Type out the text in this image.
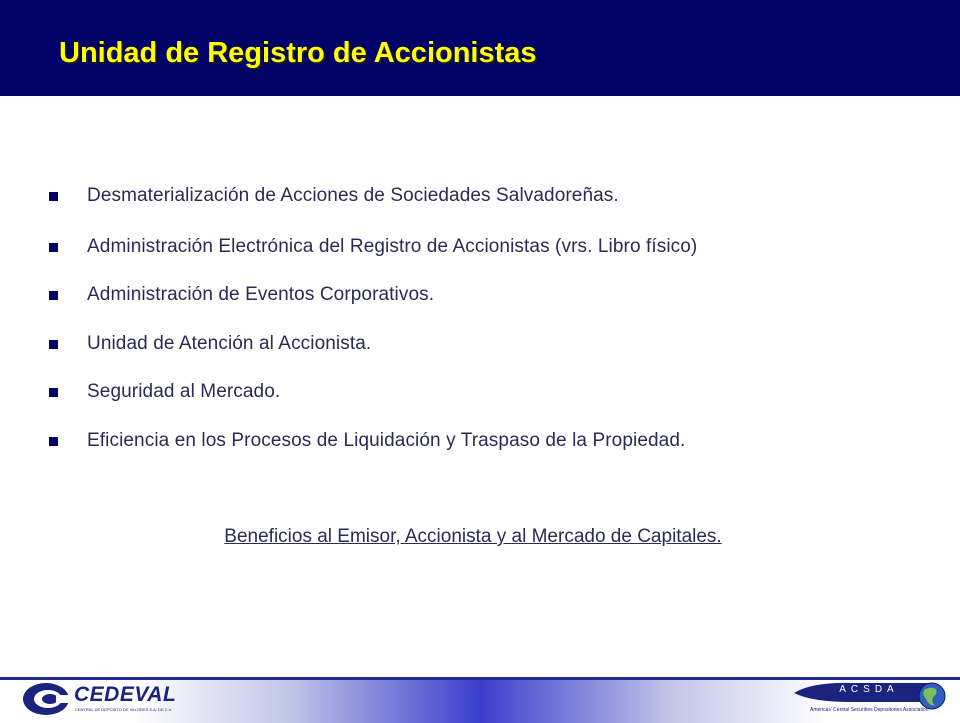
Unidad de Registro de Accionistas
Desmaterialización de Acciones de Sociedades Salvadoreñas.
Administración Electrónica del Registro de Accionistas (vrs. Libro físico)
Administración de Eventos Corporativos.
Unidad de Atención al Accionista.
Seguridad al Mercado.
Eficiencia en los Procesos de Liquidación y Traspaso de la Propiedad.
Beneficios al Emisor, Accionista y al Mercado de Capitales.
CEDEVAL
CENTRAL DE DEPOSITO DE VALORES S.A. DE C.V.
ACSDA
Americas' Central Securities Depositories Association
